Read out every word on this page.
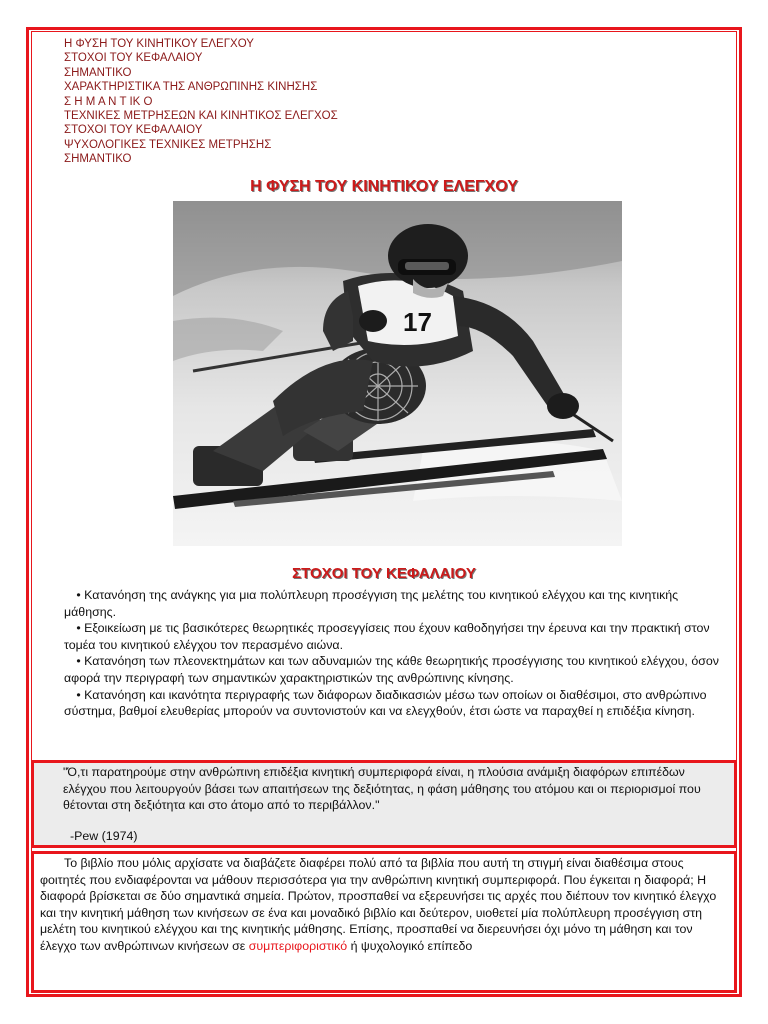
Η ΦΥΣΗ ΤΟΥ ΚΙΝΗΤΙΚΟΥ ΕΛΕΓΧΟΥ
ΣΤΟΧΟΙ ΤΟΥ ΚΕΦΑΛΑΙΟΥ
ΣΗΜΑΝΤΙΚΟ
ΧΑΡΑΚΤΗΡΙΣΤΙΚΑ ΤΗΣ ΑΝΘΡΩΠΙΝΗΣ ΚΙΝΗΣΗΣ
Σ Η Μ Α Ν Τ ΙΚ Ο
ΤΕΧΝΙΚΕΣ ΜΕΤΡΗΣΕΩΝ ΚΑΙ ΚΙΝΗΤΙΚΟΣ ΕΛΕΓΧΟΣ
ΣΤΟΧΟΙ ΤΟΥ ΚΕΦΑΛΑΙΟΥ
ΨΥΧΟΛΟΓΙΚΕΣ ΤΕΧΝΙΚΕΣ ΜΕΤΡΗΣΗΣ
ΣΗΜΑΝΤΙΚΟ
Η ΦΥΣΗ ΤΟΥ ΚΙΝΗΤΙΚΟΥ ΕΛΕΓΧΟΥ
17
ΣΤΟΧΟΙ ΤΟΥ ΚΕΦΑΛΑΙΟΥ
• Κατανόηση της ανάγκης για μια πολύπλευρη προσέγγιση της μελέτης του κινητικού ελέγχου και της κινητικής μάθησης.
• Εξοικείωση με τις βασικότερες θεωρητικές προσεγγίσεις που έχουν καθοδηγήσει την έρευνα και την πρακτική στον τομέα του κινητικού ελέγχου τον περασμένο αιώνα.
• Κατανόηση των πλεονεκτημάτων και των αδυναμιών της κάθε θεωρητικής προσέγγισης του κινητικού ελέγχου, όσον αφορά την περιγραφή των σημαντικών χαρακτηριστικών της ανθρώπινης κίνησης.
• Κατανόηση και ικανότητα περιγραφής των διάφορων διαδικασιών μέσω των οποίων οι διαθέσιμοι, στο ανθρώπινο σύστημα, βαθμοί ελευθερίας μπορούν να συντονιστούν και να ελεγχθούν, έτσι ώστε να παραχθεί η επιδέξια κίνηση.

"Ό,τι παρατηρούμε στην ανθρώπινη επιδέξια κινητική συμπεριφορά είναι, η πλούσια ανάμιξη διαφόρων επιπέδων ελέγχου που λειτουργούν βάσει των απαιτήσεων της δεξιότητας, η φάση μάθησης του ατόμου και οι περιορισμοί που θέτονται στη δεξιότητα και στο άτομο από το περιβάλλον."

-Pew (1974)

Το βιβλίο που μόλις αρχίσατε να διαβάζετε διαφέρει πολύ από τα βιβλία που αυτή τη στιγμή είναι διαθέσιμα στους φοιτητές που ενδιαφέρονται να μάθουν περισσότερα για την ανθρώπινη κινητική συμπεριφορά. Που έγκειται η διαφορά; Η διαφορά βρίσκεται σε δύο σημαντικά σημεία. Πρώτον, προσπαθεί να εξερευνήσει τις αρχές που διέπουν τον κινητικό έλεγχο και την κινητική μάθηση των κινήσεων σε ένα και μοναδικό βιβλίο και δεύτερον, υιοθετεί μία πολύπλευρη προσέγγιση στη μελέτη του κινητικού ελέγχου και της κινητικής μάθησης. Επίσης, προσπαθεί να διερευνήσει όχι μόνο τη μάθηση και τον έλεγχο των ανθρώπινων κινήσεων σε συμπεριφοριστικό ή ψυχολογικό επίπεδο
